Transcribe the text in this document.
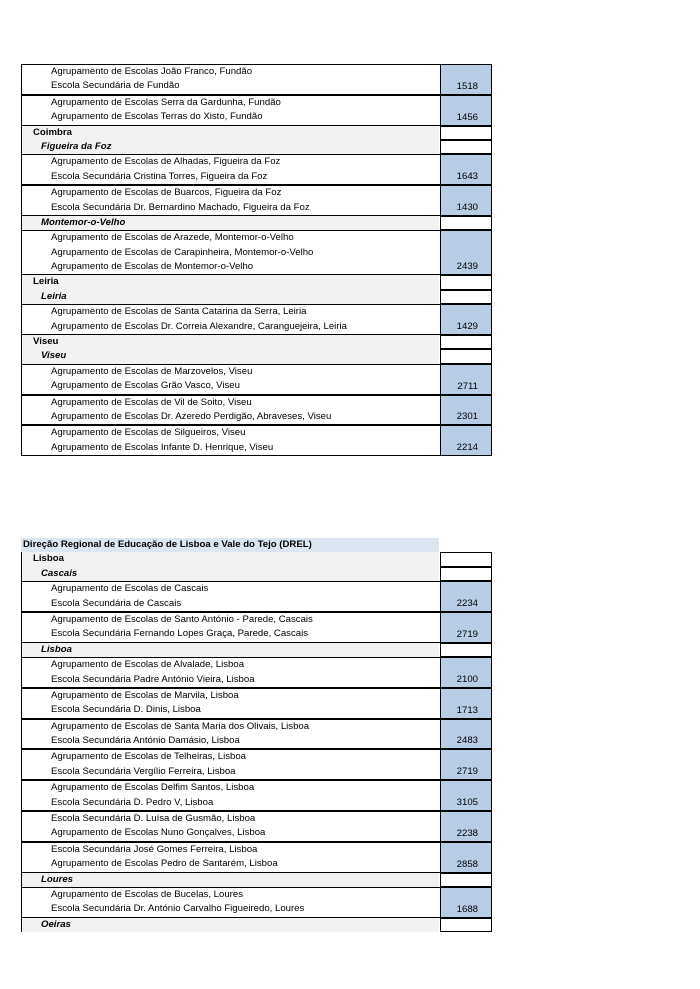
Agrupamento de Escolas João Franco, Fundão
Escola Secundária de Fundão	1518
Agrupamento de Escolas Serra da Gardunha, Fundão
Agrupamento de Escolas Terras do Xisto, Fundão	1456
Coimbra
Figueira da Foz
Agrupamento de Escolas de Alhadas, Figueira da Foz
Escola Secundária Cristina Torres, Figueira da Foz	1643
Agrupamento de Escolas de Buarcos, Figueira da Foz
Escola Secundária Dr. Bernardino Machado, Figueira da Foz	1430
Montemor-o-Velho
Agrupamento de Escolas de Arazede, Montemor-o-Velho
Agrupamento de Escolas de Carapinheira, Montemor-o-Velho
Agrupamento de Escolas de Montemor-o-Velho	2439
Leiria
Leiria
Agrupamento de Escolas de Santa Catarina da Serra, Leiria
Agrupamento de Escolas Dr. Correia Alexandre, Caranguejeira, Leiria	1429
Viseu
Viseu
Agrupamento de Escolas de Marzovelos, Viseu
Agrupamento de Escolas Grão Vasco, Viseu	2711
Agrupamento de Escolas de Vil de Soito, Viseu
Agrupamento de Escolas Dr. Azeredo Perdigão, Abraveses, Viseu	2301
Agrupamento de Escolas de Silgueiros, Viseu
Agrupamento de Escolas Infante D. Henrique, Viseu	2214
Direção Regional de Educação de Lisboa e Vale do Tejo (DREL)
Lisboa
Cascais
Agrupamento de Escolas de Cascais
Escola Secundária de Cascais	2234
Agrupamento de Escolas de Santo António - Parede, Cascais
Escola Secundária Fernando Lopes Graça, Parede, Cascais	2719
Lisboa
Agrupamento de Escolas de Alvalade, Lisboa
Escola Secundária Padre António Vieira, Lisboa	2100
Agrupamento de Escolas de Marvila, Lisboa
Escola Secundária D. Dinis, Lisboa	1713
Agrupamento de Escolas de Santa Maria dos Olivais, Lisboa
Escola Secundária António Damásio, Lisboa	2483
Agrupamento de Escolas de Telheiras, Lisboa
Escola Secundária Vergílio Ferreira, Lisboa	2719
Agrupamento de Escolas Delfim Santos, Lisboa
Escola Secundária D. Pedro V, Lisboa	3105
Escola Secundária D. Luísa de Gusmão, Lisboa
Agrupamento de Escolas Nuno Gonçalves, Lisboa	2238
Escola Secundária José Gomes Ferreira, Lisboa
Agrupamento de Escolas Pedro de Santarém, Lisboa	2858
Loures
Agrupamento de Escolas de Bucelas, Loures
Escola Secundária Dr. António Carvalho Figueiredo, Loures	1688
Oeiras
